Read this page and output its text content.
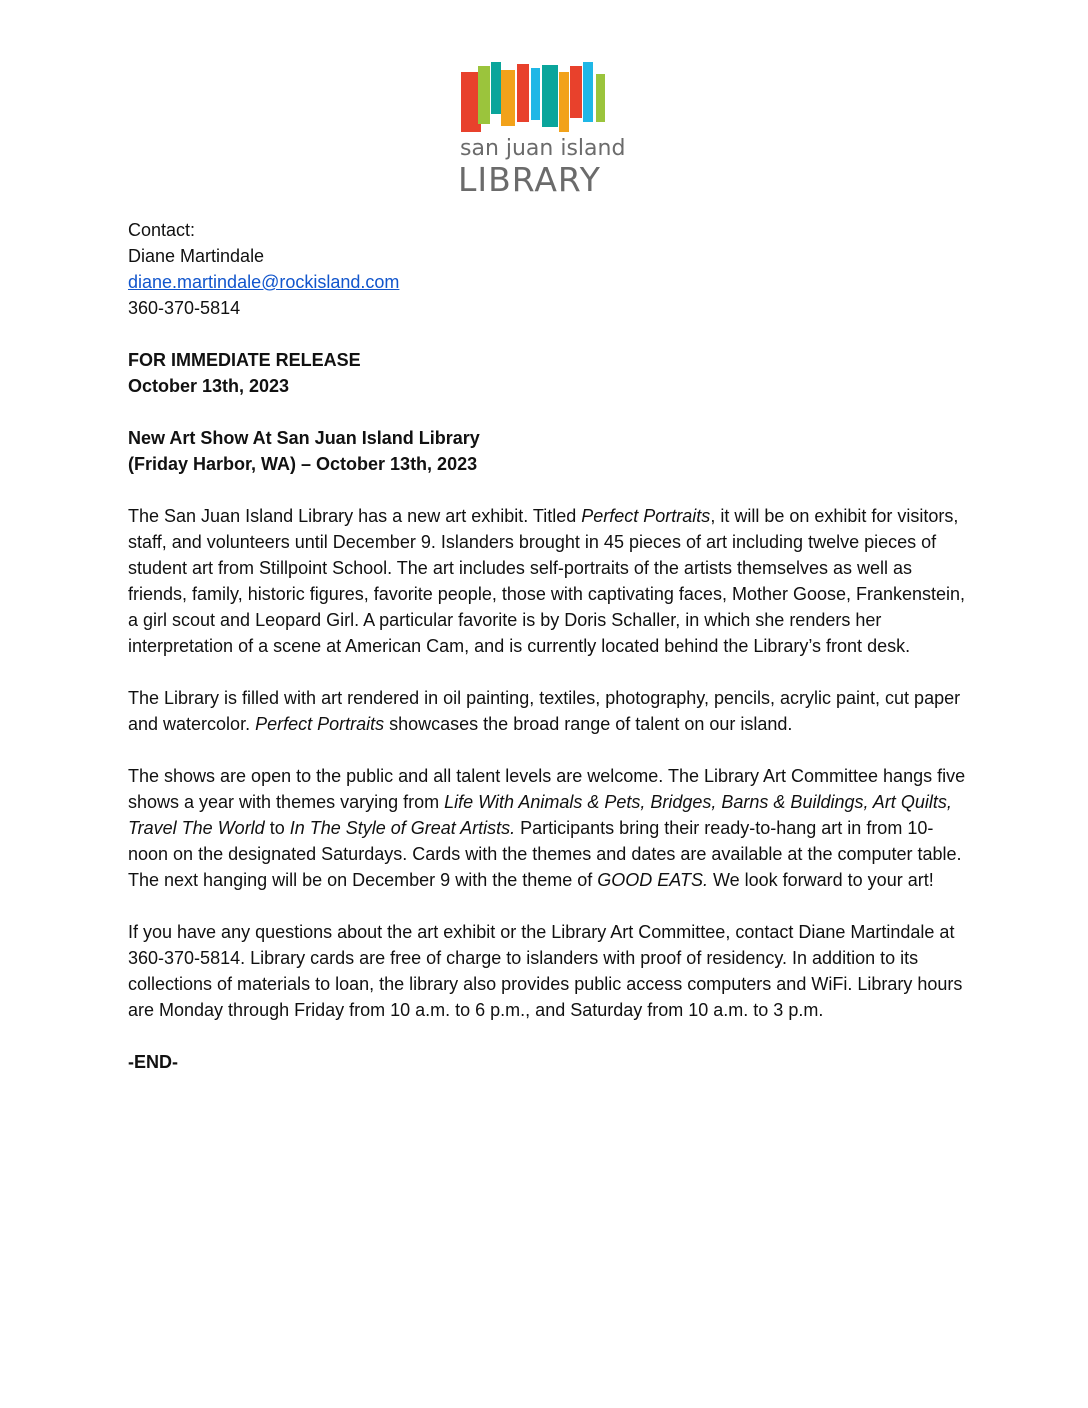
san juan island
LIBRARY

Contact:
Diane Martindale
diane.martindale@rockisland.com
360-370-5814

FOR IMMEDIATE RELEASE
October 13th, 2023

New Art Show At San Juan Island Library
(Friday Harbor, WA) – October 13th, 2023

The San Juan Island Library has a new art exhibit. Titled Perfect Portraits, it will be on exhibit for visitors, staff, and volunteers until December 9. Islanders brought in 45 pieces of art including twelve pieces of student art from Stillpoint School. The art includes self-portraits of the artists themselves as well as friends, family, historic figures, favorite people, those with captivating faces, Mother Goose, Frankenstein, a girl scout and Leopard Girl. A particular favorite is by Doris Schaller, in which she renders her interpretation of a scene at American Cam, and is currently located behind the Library’s front desk.

The Library is filled with art rendered in oil painting, textiles, photography, pencils, acrylic paint, cut paper and watercolor. Perfect Portraits showcases the broad range of talent on our island.

The shows are open to the public and all talent levels are welcome. The Library Art Committee hangs five shows a year with themes varying from Life With Animals & Pets, Bridges, Barns & Buildings, Art Quilts, Travel The World to In The Style of Great Artists. Participants bring their ready-to-hang art in from 10-noon on the designated Saturdays. Cards with the themes and dates are available at the computer table. The next hanging will be on December 9 with the theme of GOOD EATS. We look forward to your art!

If you have any questions about the art exhibit or the Library Art Committee, contact Diane Martindale at 360-370-5814. Library cards are free of charge to islanders with proof of residency. In addition to its collections of materials to loan, the library also provides public access computers and WiFi. Library hours are Monday through Friday from 10 a.m. to 6 p.m., and Saturday from 10 a.m. to 3 p.m.

-END-
